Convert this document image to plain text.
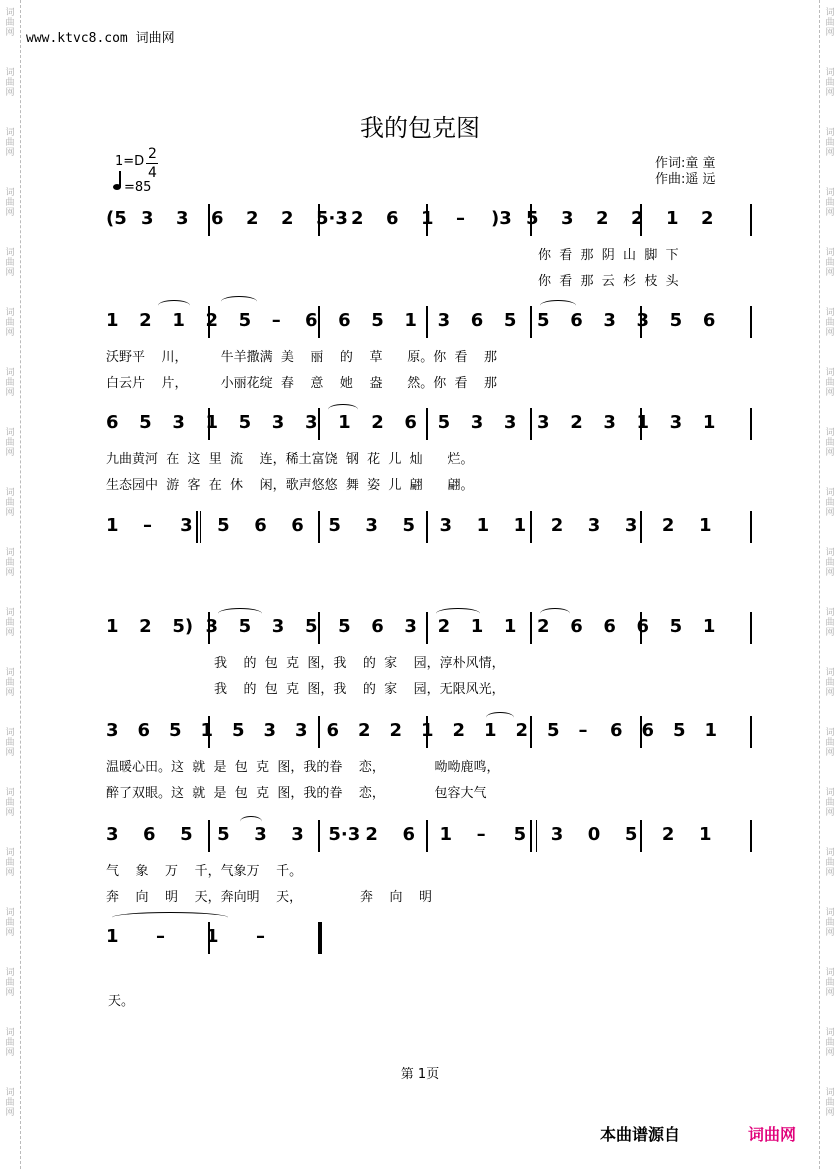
词
曲
网
词
曲
网
词
曲
网
词
曲
网
词
曲
网
词
曲
网
词
曲
网
词
曲
网
词
曲
网
词
曲
网
词
曲
网
词
曲
网
词
曲
网
词
曲
网
词
曲
网
词
曲
网
词
曲
网
词
曲
网
词
曲
网
词
曲
网
词
曲
网
词
曲
网
词
曲
网
词
曲
网
词
曲
网
词
曲
网
词
曲
网
词
曲
网
词
曲
网
词
曲
网
词
曲
网
词
曲
网
词
曲
网
词
曲
网
词
曲
网
词
曲
网
词
曲
网
词
曲
网
www.ktvc8.com 词曲网
我的包克图
1=D 2
4
=85
作词:童 童
作曲:遥 远
(5 3 3 6 2 2 5·3 2 6 1 – )3 5 3 2 2 1 2
你  看  那  阴  山  脚  下
你  看  那  云  杉  枝  头
1 2 1 2 5 – 6 6 5 1 3 6 5 5 6 3 3 5 6
沃野平    川，        牛羊撒满  美    丽    的    草      原。你  看    那
白云片    片，        小丽花绽  春    意    她    盎      然。你  看    那
6 5 3 1 5 3 3 1 2 6 5 3 3 3 2 3 1 3 1
九曲黄河  在  这  里  流    连，稀土富饶  钢  花  儿  灿      烂。
生态园中  游  客  在  休    闲，歌声悠悠  舞  姿  儿  翩      翩。
1 – 3 5 6 6 5 3 5 3 1 1 2 3 3 2 1
1 2 5) 3 5 3 5 5 6 3 2 1 1 2 6 6 6 5 1
我    的  包  克  图，我    的  家    园，淳朴风情，
我    的  包  克  图，我    的  家    园，无限风光，
3 6 5 1 5 3 3 6 2 2 1 2 1 2 5 – 6 6 5 1
温暖心田。这  就  是  包  克  图，我的眷    恋，            呦呦鹿鸣，
醉了双眼。这  就  是  包  克  图，我的眷    恋，            包容大气
3 6 5 5 3 3 5·3 2 6 1 – 5 3 0 5 2 1
气    象    万    千，气象万    千。
奔    向    明    天，奔向明    天，              奔    向    明
1 – 1 –
天。
第 1页
本曲谱源自	词曲网
